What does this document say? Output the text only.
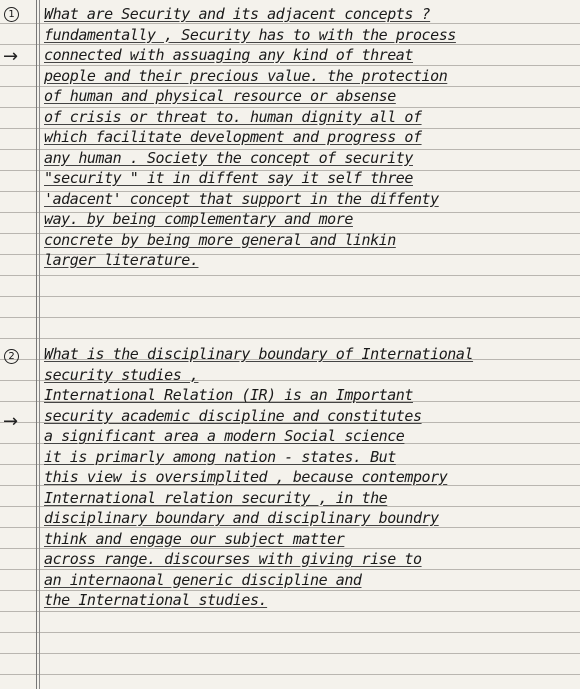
1
→
What are Security and its adjacent concepts ?
fundamentally , Security has to with the process
connected with assuaging any kind of threat
people and their precious value. the protection
of human and physical resource or absense
of crisis or threat to. human dignity all of
which facilitate development and progress of
any human . Society the concept of security
"security " it in diffent say it self three
'adacent' concept that support in the diffenty
way. by being complementary and more
concrete by being more general and linkin
larger literature.
2
→
What is the disciplinary boundary of International
security studies ,
International Relation (IR) is an Important
security academic discipline and constitutes
a significant area a modern Social science
it is primarly among nation - states. But
this view is oversimplited , because contempory
International relation security , in the
disciplinary boundary and disciplinary boundry
think and engage our subject matter
across range. discourses with giving rise to
an internaonal generic discipline and
the International studies.
